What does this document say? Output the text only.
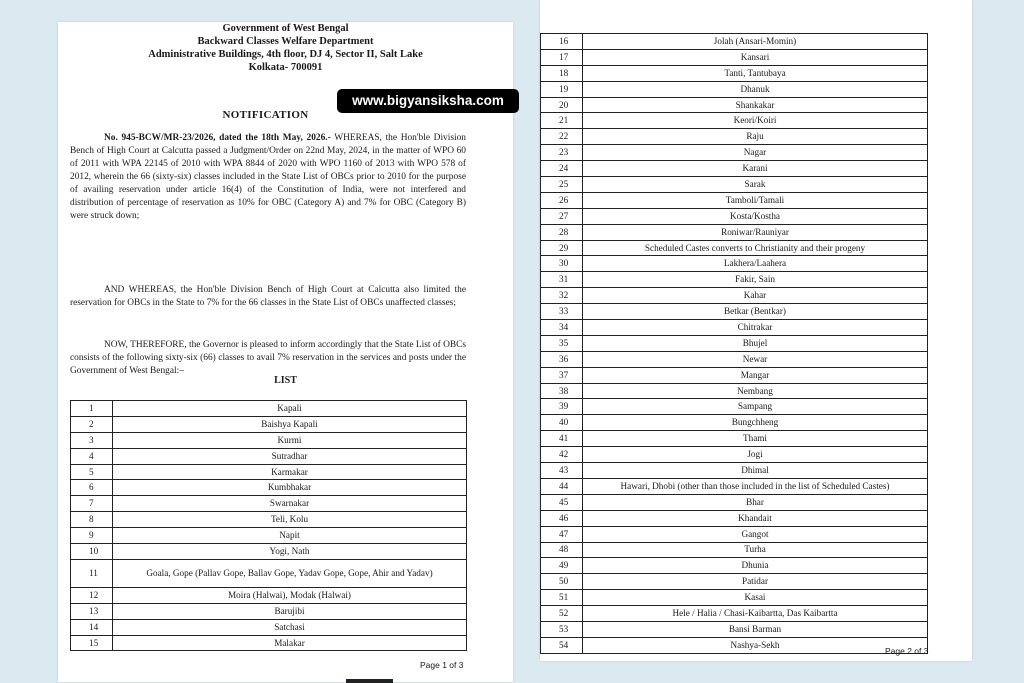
Government of West Bengal
Backward Classes Welfare Department
Administrative Buildings, 4th floor, DJ 4, Sector II, Salt Lake
Kolkata- 700091
NOTIFICATION
No. 945-BCW/MR-23/2026, dated the 18th May, 2026.- WHEREAS, the Hon'ble Division Bench of High Court at Calcutta passed a Judgment/Order on 22nd May, 2024, in the matter of WPO 60 of 2011 with WPA 22145 of 2010 with WPA 8844 of 2020 with WPO 1160 of 2013 with WPO 578 of 2012, wherein the 66 (sixty-six) classes included in the State List of OBCs prior to 2010 for the purpose of availing reservation under article 16(4) of the Constitution of India, were not interfered and distribution of percentage of reservation as 10% for OBC (Category A) and 7% for OBC (Category B) were struck down;
AND WHEREAS, the Hon'ble Division Bench of High Court at Calcutta also limited the reservation for OBCs in the State to 7% for the 66 classes in the State List of OBCs unaffected classes;
NOW, THEREFORE, the Governor is pleased to inform accordingly that the State List of OBCs consists of the following sixty-six (66) classes to avail 7% reservation in the services and posts under the Government of West Bengal:–
LIST
1	Kapali
2	Baishya Kapali
3	Kurmi
4	Sutradhar
5	Karmakar
6	Kumbhakar
7	Swarnakar
8	Teli, Kolu
9	Napit
10	Yogi, Nath
11	Goala, Gope (Pallav Gope, Ballav Gope, Yadav Gope, Gope, Ahir and Yadav)
12	Moira (Halwai), Modak (Halwai)
13	Barujibi
14	Satchasi
15	Malakar
Page 1 of 3
www.bigyansiksha.com
16	Jolah (Ansari-Momin)
17	Kansari
18	Tanti, Tantubaya
19	Dhanuk
20	Shankakar
21	Keori/Koiri
22	Raju
23	Nagar
24	Karani
25	Sarak
26	Tamboli/Tamali
27	Kosta/Kostha
28	Roniwar/Rauniyar
29	Scheduled Castes converts to Christianity and their progeny
30	Lakhera/Laahera
31	Fakir, Sain
32	Kahar
33	Betkar (Bentkar)
34	Chitrakar
35	Bhujel
36	Newar
37	Mangar
38	Nembang
39	Sampang
40	Bungchheng
41	Thami
42	Jogi
43	Dhimal
44	Hawari, Dhobi (other than those included in the list of Scheduled Castes)
45	Bhar
46	Khandait
47	Gangot
48	Turha
49	Dhunia
50	Patidar
51	Kasai
52	Hele / Halia / Chasi-Kaibartta, Das Kaibartta
53	Bansi Barman
54	Nashya-Sekh
Page 2 of 3
